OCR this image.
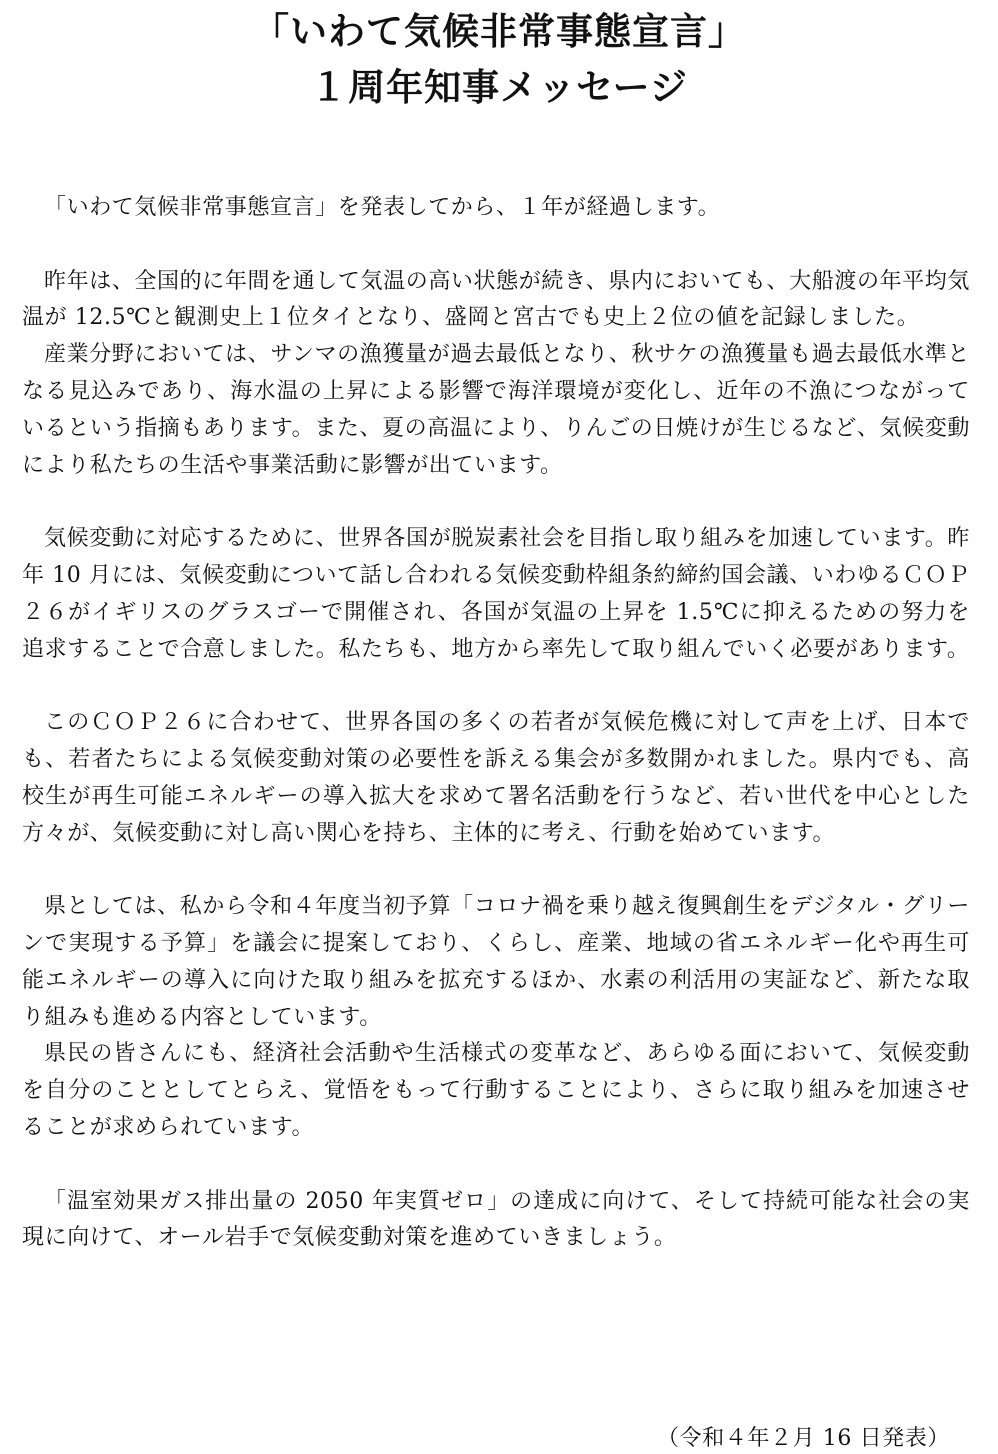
「いわて気候非常事態宣言」
１周年知事メッセージ

「いわて気候非常事態宣言」を発表してから、１年が経過します。

昨年は、全国的に年間を通して気温の高い状態が続き、県内においても、大船渡の年平均気温が 12.5℃と観測史上１位タイとなり、盛岡と宮古でも史上２位の値を記録しました。

産業分野においては、サンマの漁獲量が過去最低となり、秋サケの漁獲量も過去最低水準となる見込みであり、海水温の上昇による影響で海洋環境が変化し、近年の不漁につながっているという指摘もあります。また、夏の高温により、りんごの日焼けが生じるなど、気候変動により私たちの生活や事業活動に影響が出ています。

気候変動に対応するために、世界各国が脱炭素社会を目指し取り組みを加速しています。昨年 10 月には、気候変動について話し合われる気候変動枠組条約締約国会議、いわゆるＣＯＰ２６がイギリスのグラスゴーで開催され、各国が気温の上昇を 1.5℃に抑えるための努力を追求することで合意しました。私たちも、地方から率先して取り組んでいく必要があります。

このＣＯＰ２６に合わせて、世界各国の多くの若者が気候危機に対して声を上げ、日本でも、若者たちによる気候変動対策の必要性を訴える集会が多数開かれました。県内でも、高校生が再生可能エネルギーの導入拡大を求めて署名活動を行うなど、若い世代を中心とした方々が、気候変動に対し高い関心を持ち、主体的に考え、行動を始めています。

県としては、私から令和４年度当初予算「コロナ禍を乗り越え復興創生をデジタル・グリーンで実現する予算」を議会に提案しており、くらし、産業、地域の省エネルギー化や再生可能エネルギーの導入に向けた取り組みを拡充するほか、水素の利活用の実証など、新たな取り組みも進める内容としています。

県民の皆さんにも、経済社会活動や生活様式の変革など、あらゆる面において、気候変動を自分のこととしてとらえ、覚悟をもって行動することにより、さらに取り組みを加速させることが求められています。

「温室効果ガス排出量の 2050 年実質ゼロ」の達成に向けて、そして持続可能な社会の実現に向けて、オール岩手で気候変動対策を進めていきましょう。

（令和４年２月 16 日発表）
